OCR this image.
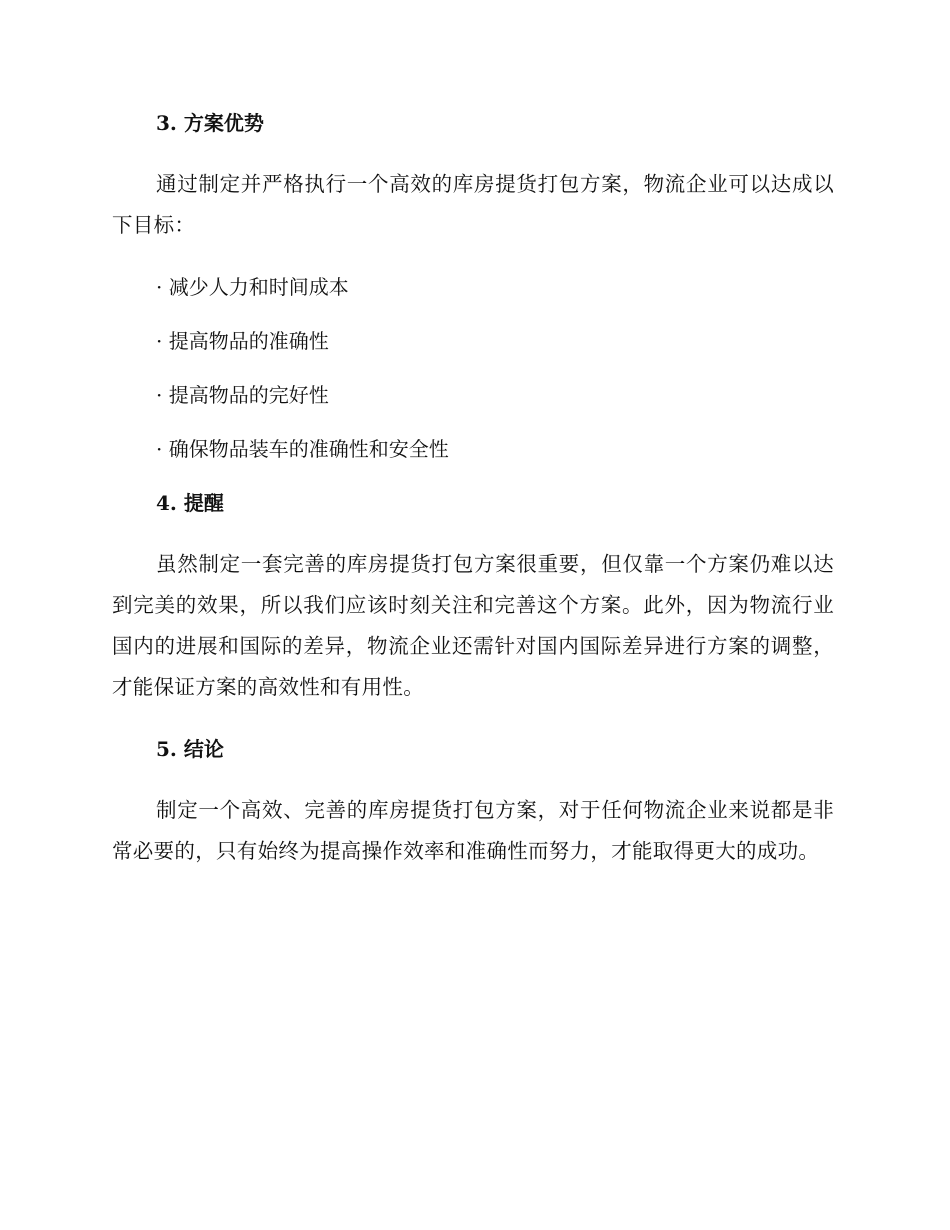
3. 方案优势

通过制定并严格执行一个高效的库房提货打包方案，物流企业可以达成以下目标：

· 减少人力和时间成本

· 提高物品的准确性

· 提高物品的完好性

· 确保物品装车的准确性和安全性

4. 提醒

虽然制定一套完善的库房提货打包方案很重要，但仅靠一个方案仍难以达到完美的效果，所以我们应该时刻关注和完善这个方案。此外，因为物流行业国内的进展和国际的差异，物流企业还需针对国内国际差异进行方案的调整，才能保证方案的高效性和有用性。

5. 结论

制定一个高效、完善的库房提货打包方案，对于任何物流企业来说都是非常必要的，只有始终为提高操作效率和准确性而努力，才能取得更大的成功。
